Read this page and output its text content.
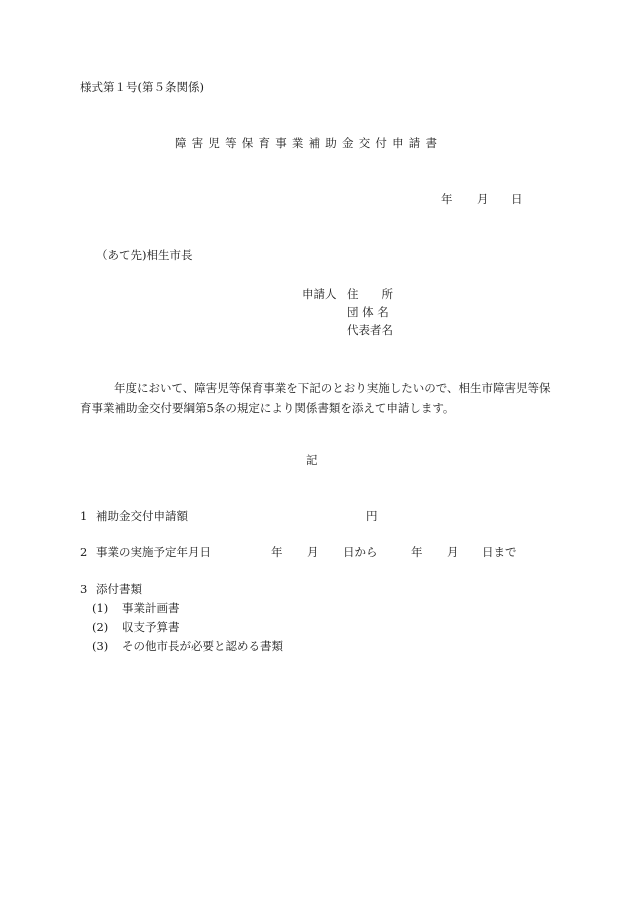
様式第１号(第５条関係)
障害児等保育事業補助金交付申請書
年 月 日
（あて先)相生市長
申請人 住　　所
団 体 名
代表者名
年度において、障害児等保育事業を下記のとおり実施したいので、相生市障害児等保育事業補助金交付要綱第5条の規定により関係書類を添えて申請します。
記
1 補助金交付申請額	円
2 事業の実施予定年月日	年 月 日から	年 月 日まで
3 添付書類
(1) 事業計画書
(2) 収支予算書
(3) その他市長が必要と認める書類
